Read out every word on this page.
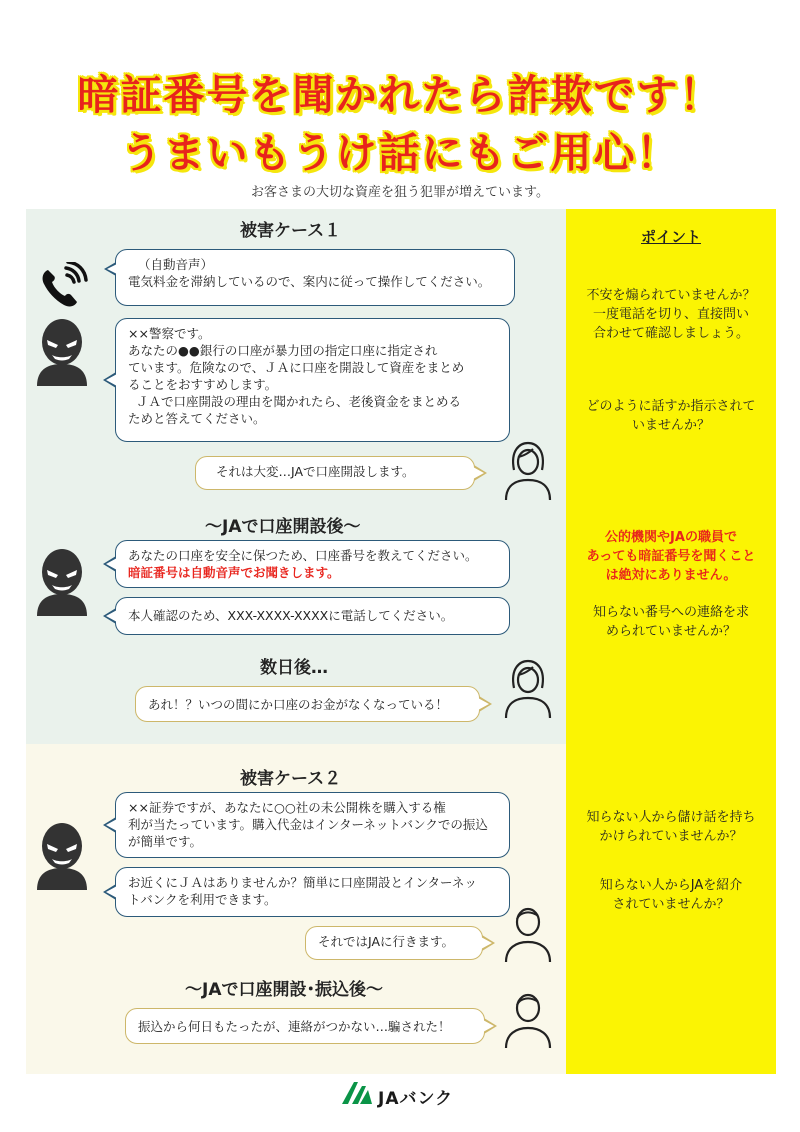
暗証番号を聞かれたら詐欺です！
うまいもうけ話にもご用心！
お客さまの大切な資産を狙う犯罪が増えています。
被害ケース１

（自動音声）

電気料金を滞納しているので、案内に従って操作してください。

××警察です。

あなたの●●銀行の口座が暴力団の指定口座に指定され

ています。危険なので、ＪＡに口座を開設して資産をまとめ

ることをおすすめします。

ＪＡで口座開設の理由を聞かれたら、老後資金をまとめる

ためと答えてください。

それは大変…JAで口座開設します。

～JAで口座開設後～

あなたの口座を安全に保つため、口座番号を教えてください。

暗証番号は自動音声でお聞きします。

本人確認のため、XXX-XXXX-XXXXに電話してください。

数日後…

あれ！？いつの間にか口座のお金がなくなっている！

被害ケース２

××証券ですが、あなたに○○社の未公開株を購入する権

利が当たっています。購入代金はインターネットバンクでの振込

が簡単です。

お近くにＪＡはありませんか？簡単に口座開設とインターネッ

トバンクを利用できます。

それではJAに行きます。

～JAで口座開設･振込後～

振込から何日もたったが、連絡がつかない…騙された！

ポイント

不安を煽られていませんか？

一度電話を切り、直接問い

合わせて確認しましょう。

どのように話すか指示されて

いませんか？

公的機関やJAの職員で

あっても暗証番号を聞くこと

は絶対にありません。

知らない番号への連絡を求

められていませんか？

知らない人から儲け話を持ち

かけられていませんか？

知らない人からJAを紹介

されていませんか？

JAバンク
